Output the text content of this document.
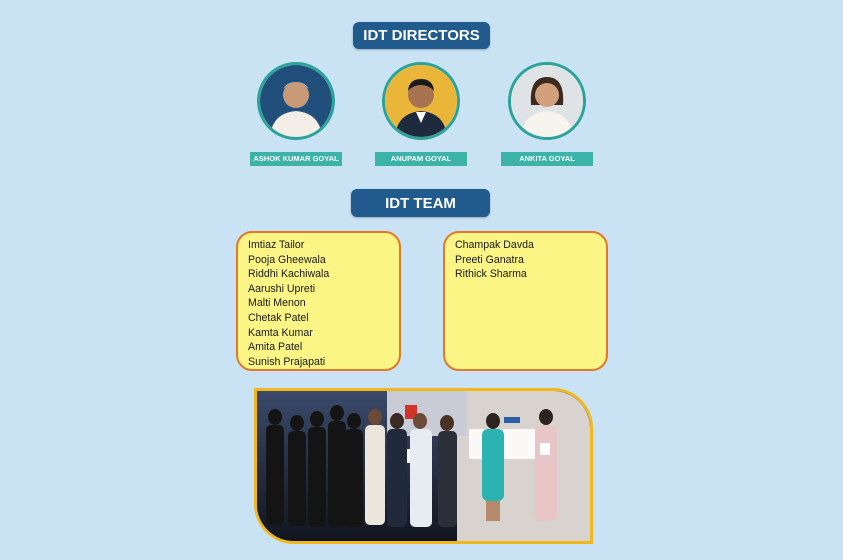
IDT DIRECTORS
ASHOK KUMAR GOYAL	ANUPAM GOYAL	ANKITA GOYAL
IDT TEAM
Imtiaz Tailor
Pooja Gheewala
Riddhi Kachiwala
Aarushi Upreti
Malti Menon
Chetak Patel
Kamta Kumar
Amita Patel
Sunish Prajapati
Champak Davda
Preeti Ganatra
Rithick Sharma
